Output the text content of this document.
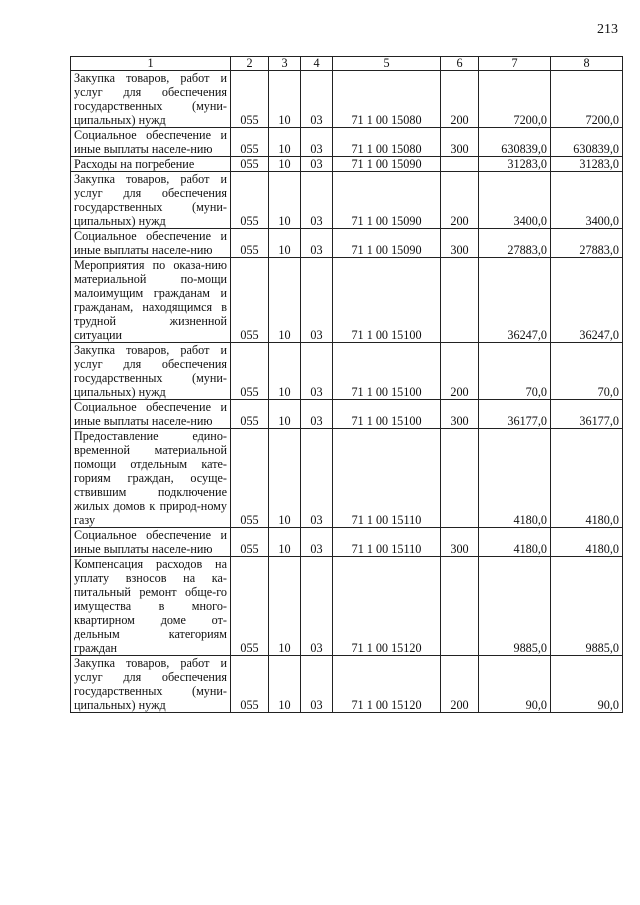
213
1	2	3	4	5	6	7	8
Закупка товаров, работ и услуг для обеспечения государственных (муни-ципальных) нужд	055	10	03	71 1 00 15080	200	7200,0	7200,0
Социальное обеспечение и иные выплаты населе-нию	055	10	03	71 1 00 15080	300	630839,0	630839,0
Расходы на погребение	055	10	03	71 1 00 15090		31283,0	31283,0
Закупка товаров, работ и услуг для обеспечения государственных (муни-ципальных) нужд	055	10	03	71 1 00 15090	200	3400,0	3400,0
Социальное обеспечение и иные выплаты населе-нию	055	10	03	71 1 00 15090	300	27883,0	27883,0
Мероприятия по оказа-нию материальной по-мощи малоимущим гражданам и гражданам, находящимся в трудной жизненной ситуации	055	10	03	71 1 00 15100		36247,0	36247,0
Закупка товаров, работ и услуг для обеспечения государственных (муни-ципальных) нужд	055	10	03	71 1 00 15100	200	70,0	70,0
Социальное обеспечение и иные выплаты населе-нию	055	10	03	71 1 00 15100	300	36177,0	36177,0
Предоставление едино-временной материальной помощи отдельным кате-гориям граждан, осуще-ствившим подключение жилых домов к природ-ному газу	055	10	03	71 1 00 15110		4180,0	4180,0
Социальное обеспечение и иные выплаты населе-нию	055	10	03	71 1 00 15110	300	4180,0	4180,0
Компенсация расходов на уплату взносов на ка-питальный ремонт обще-го имущества в много-квартирном доме от-дельным категориям граждан	055	10	03	71 1 00 15120		9885,0	9885,0
Закупка товаров, работ и услуг для обеспечения государственных (муни-ципальных) нужд	055	10	03	71 1 00 15120	200	90,0	90,0
